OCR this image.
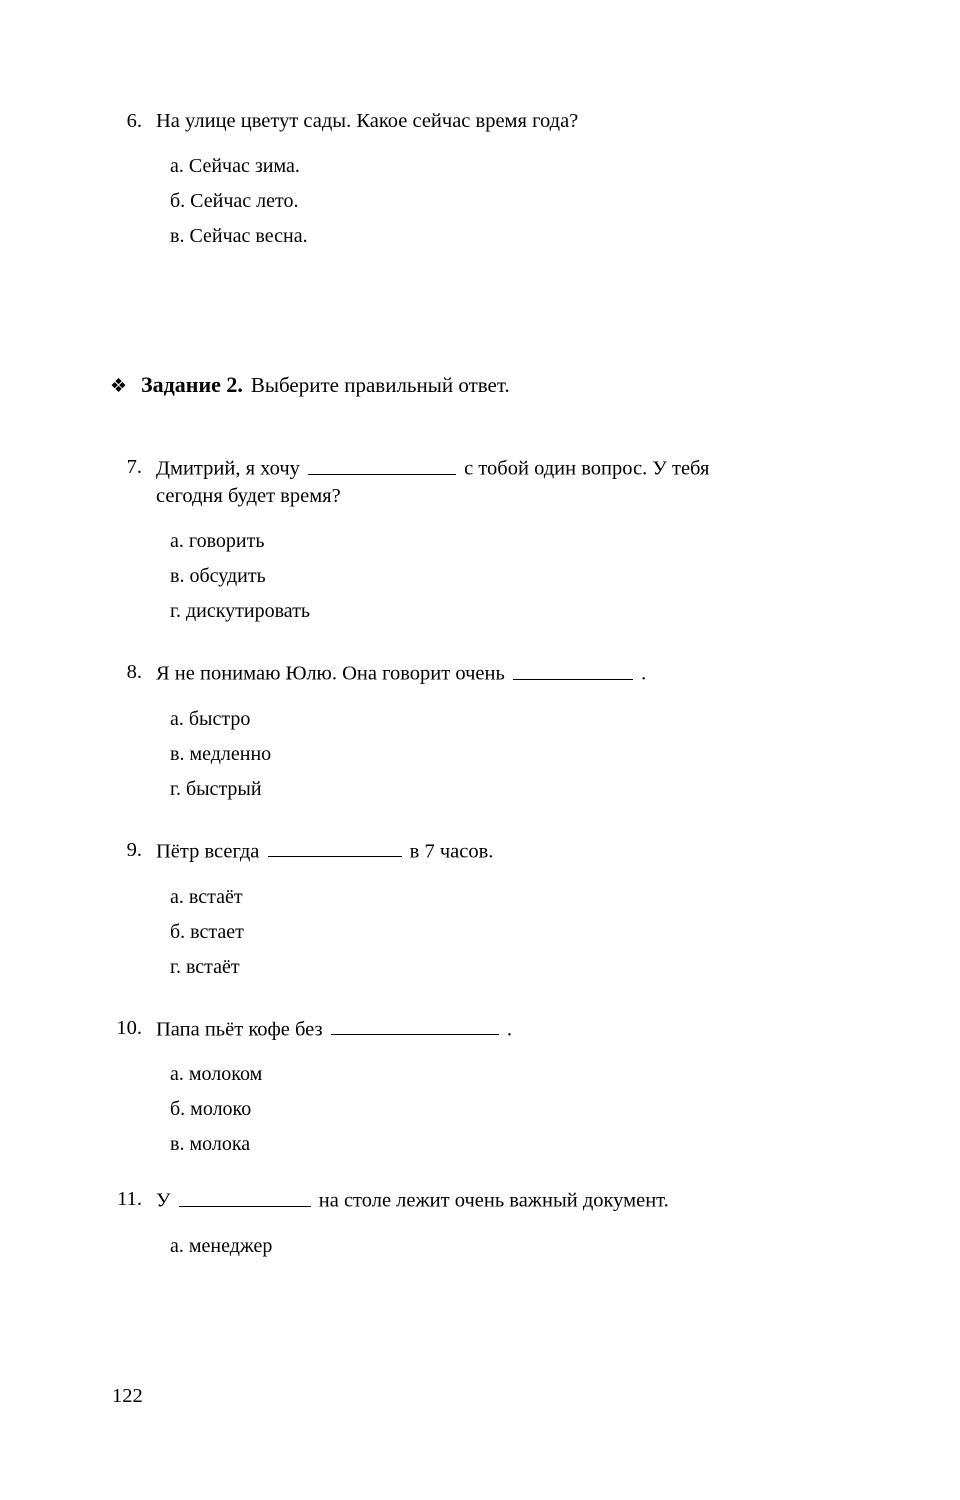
6. На улице цветут сады. Какое сейчас время года?
а. Сейчас зима.
б. Сейчас лето.
в. Сейчас весна.
❖ Задание 2. Выберите правильный ответ.
7. Дмитрий, я хочу	с тобой один вопрос. У тебя
сегодня будет время?
а. говорить
в. обсудить
г. дискутировать
8. Я не понимаю Юлю. Она говорит очень	.
а. быстро
в. медленно
г. быстрый
9. Пётр всегда	в 7 часов.
а. встаёт
б. встает
г. встаёт
10. Папа пьёт кофе без	.
а. молоком
б. молоко
в. молока
11. У	на столе лежит очень важный документ.
а. менеджер
122
